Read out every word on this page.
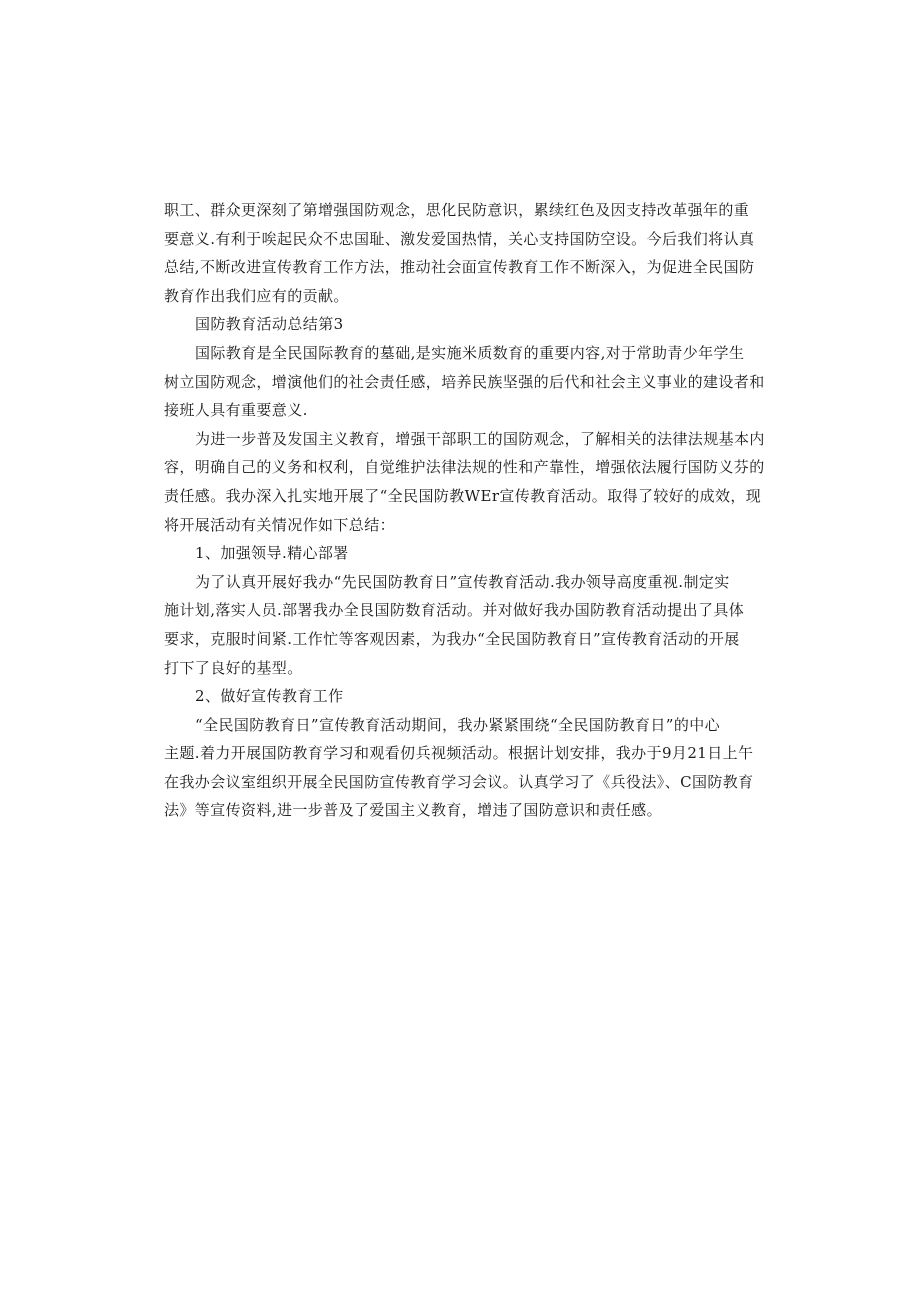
职工、群众更深刻了第增强国防观念，思化民防意识，累续红色及因支持改革强年的重
要意义.有利于唉起民众不忠国耻、激发爱国热情，关心支持国防空设。今后我们将认真
总结,不断改进宣传教育工作方法，推动社会面宣传教育工作不断深入，为促进全民国防
教育作出我们应有的贡献。
国防教育活动总结第3
国际教育是全民国际教育的墓础,是实施米质数育的重要内容,对于常助青少年学生
树立国防观念，增演他们的社会责任感，培养民族坚强的后代和社会主义事业的建设者和
接班人具有重要意义.
为进一步普及发国主义教育，增强干部职工的国防观念，了解相关的法律法规基本内
容，明确自己的义务和权利，自觉维护法律法规的性和产靠性，增强依法履行国防义芬的
责任感。我办深入扎实地开展了“全民国防教WEr宣传教育活动。取得了较好的成效，现
将开展活动有关情况作如下总结：
1、加强领导.精心部署
为了认真开展好我办“先民国防教育日”宣传教育活动.我办领导高度重视.制定实
施计划,落实人员.部署我办全艮国防数育活动。并对做好我办国防教育活动提出了具体
要求，克服时间紧.工作忙等客观因素，为我办“全民国防教育日”宣传教育活动的开展
打下了良好的基型。
2、做好宣传教育工作
“全民国防教育日”宣传教育活动期间，我办紧紧围绕“全民国防教育日”的中心
主题.着力开展国防教育学习和观看仞兵视频活动。根据计划安排，我办于9月21日上午
在我办会议室组织开展全民国防宣传教育学习会议。认真学习了《兵役法》、C国防教育
法》等宣传资料,进一步普及了爱国主义教育，增违了国防意识和责任感。
